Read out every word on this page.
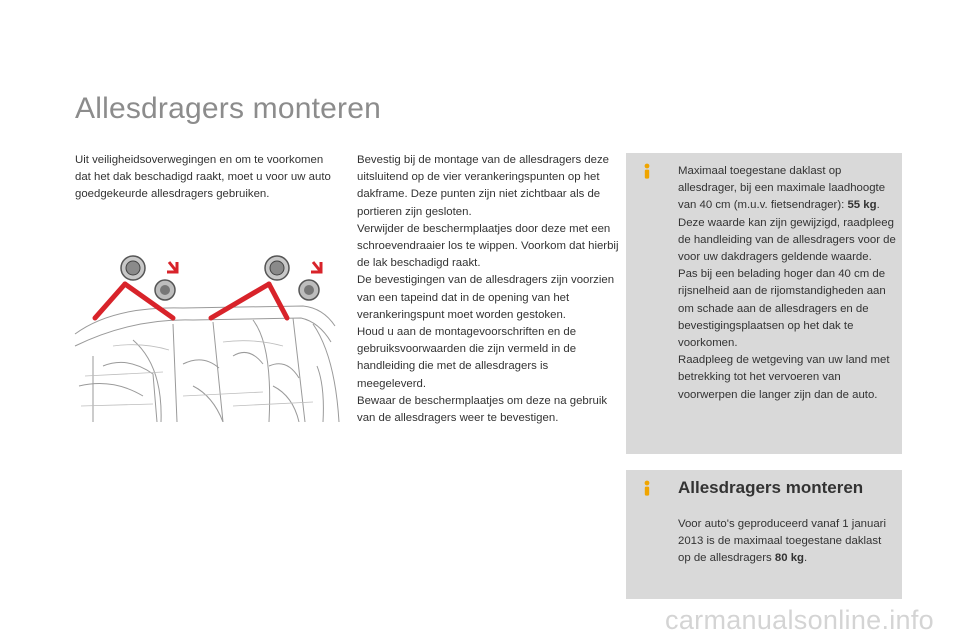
Allesdragers monteren

Uit veiligheidsoverwegingen en om te voorkomen dat het dak beschadigd raakt, moet u voor uw auto goedgekeurde allesdragers gebruiken.

Bevestig bij de montage van de allesdragers deze uitsluitend op de vier verankeringspunten op het dakframe. Deze punten zijn niet zichtbaar als de portieren zijn gesloten.

Verwijder de beschermplaatjes door deze met een schroevendraaier los te wippen. Voorkom dat hierbij de lak beschadigd raakt.

De bevestigingen van de allesdragers zijn voorzien van een tapeind dat in de opening van het verankeringspunt moet worden gestoken.

Houd u aan de montagevoorschriften en de gebruiksvoorwaarden die zijn vermeld in de handleiding die met de allesdragers is meegeleverd.

Bewaar de beschermplaatjes om deze na gebruik van de allesdragers weer te bevestigen.

Maximaal toegestane daklast op allesdrager, bij een maximale laadhoogte van 40 cm (m.u.v. fietsendrager): 55 kg.

Deze waarde kan zijn gewijzigd, raadpleeg de handleiding van de allesdragers voor de voor uw dakdragers geldende waarde.

Pas bij een belading hoger dan 40 cm de rijsnelheid aan de rijomstandigheden aan om schade aan de allesdragers en de bevestigingsplaatsen op het dak te voorkomen.

Raadpleeg de wetgeving van uw land met betrekking tot het vervoeren van voorwerpen die langer zijn dan de auto.

Allesdragers monteren

Voor auto's geproduceerd vanaf 1 januari 2013 is de maximaal toegestane daklast op de allesdragers 80 kg.

carmanualsonline.info
